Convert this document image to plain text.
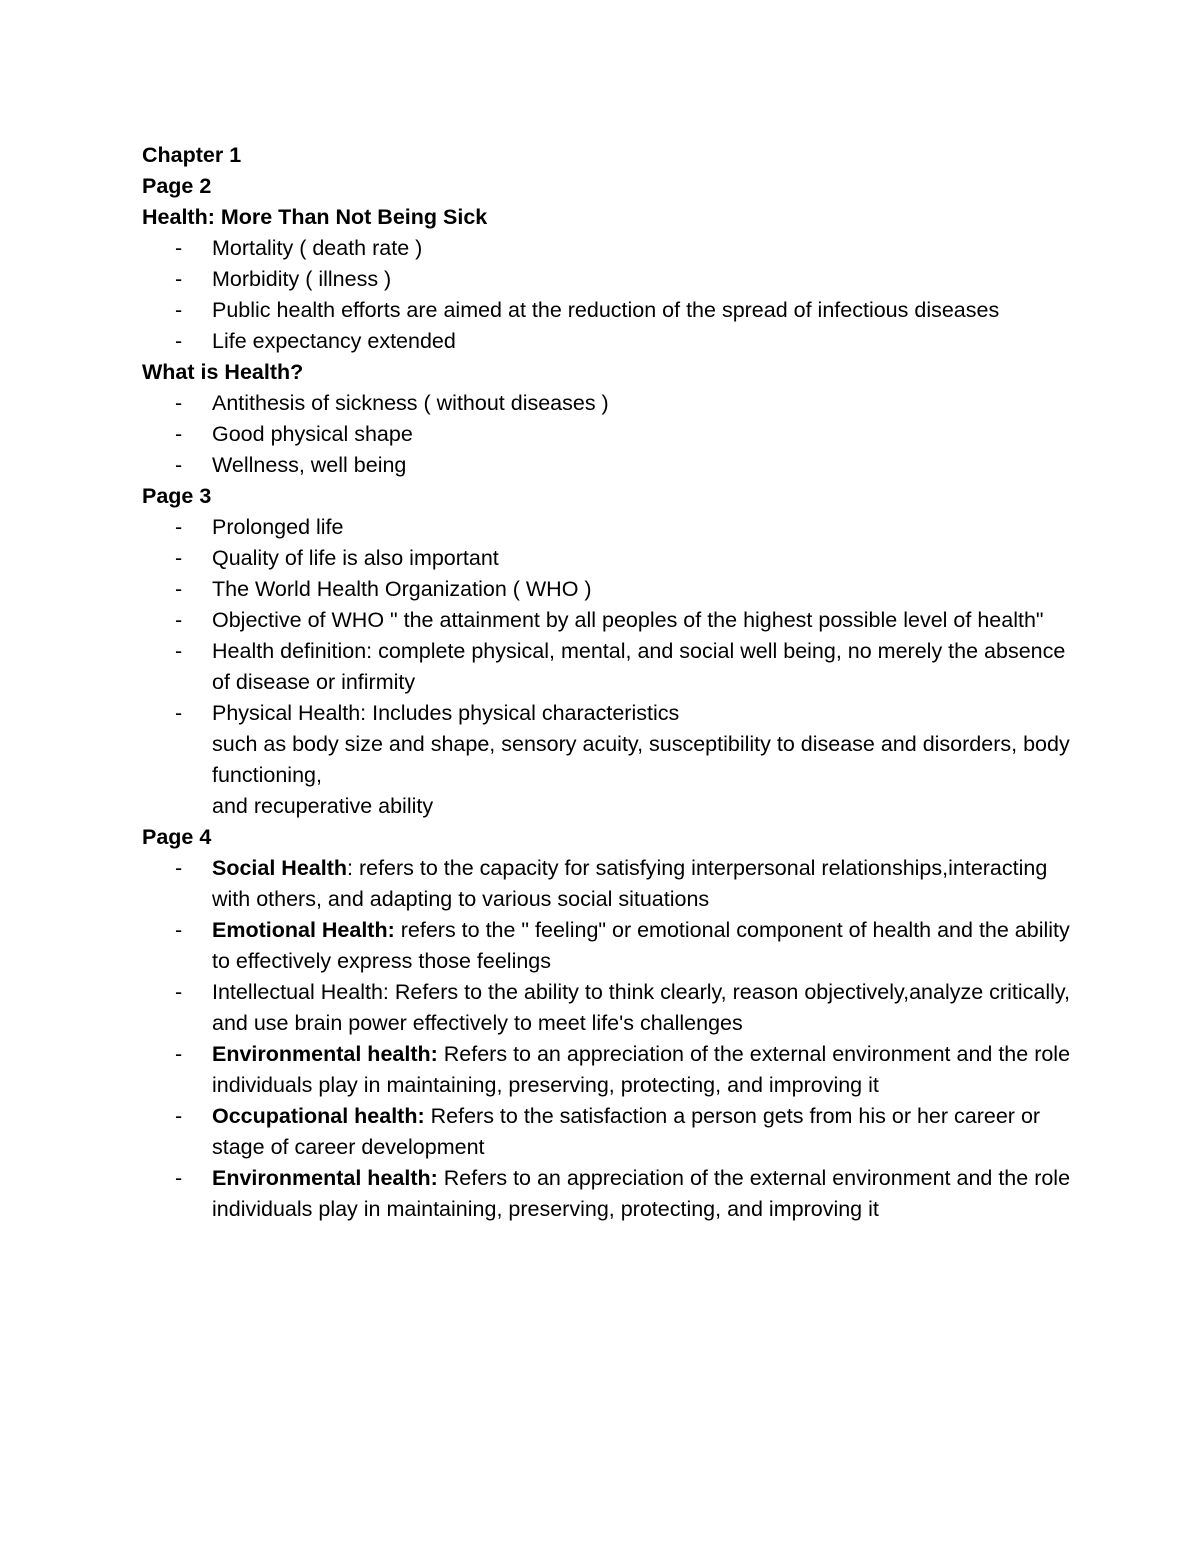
Chapter 1
Page 2
Health: More Than Not Being Sick
- Mortality ( death rate )
- Morbidity ( illness )
- Public health efforts are aimed at the reduction of the spread of infectious diseases
- Life expectancy extended
What is Health?
- Antithesis of sickness ( without diseases )
- Good physical shape
- Wellness, well being
Page 3
- Prolonged life
- Quality of life is also important
- The World Health Organization ( WHO )
- Objective of WHO " the attainment by all peoples of the highest possible level of health"
- Health definition: complete physical, mental, and social well being, no merely the absence of disease or infirmity
- Physical Health: Includes physical characteristics
such as body size and shape, sensory acuity, susceptibility to disease and disorders, body functioning,
and recuperative ability
Page 4
- Social Health: refers to the capacity for satisfying interpersonal relationships,interacting with others, and adapting to various social situations
- Emotional Health: refers to the " feeling" or emotional component of health and the ability to effectively express those feelings
- Intellectual Health: Refers to the ability to think clearly, reason objectively,analyze critically, and use brain power effectively to meet life's challenges
- Environmental health: Refers to an appreciation of the external environment and the role individuals play in maintaining, preserving, protecting, and improving it
- Occupational health: Refers to the satisfaction a person gets from his or her career or stage of career development
- Environmental health: Refers to an appreciation of the external environment and the role individuals play in maintaining, preserving, protecting, and improving it
